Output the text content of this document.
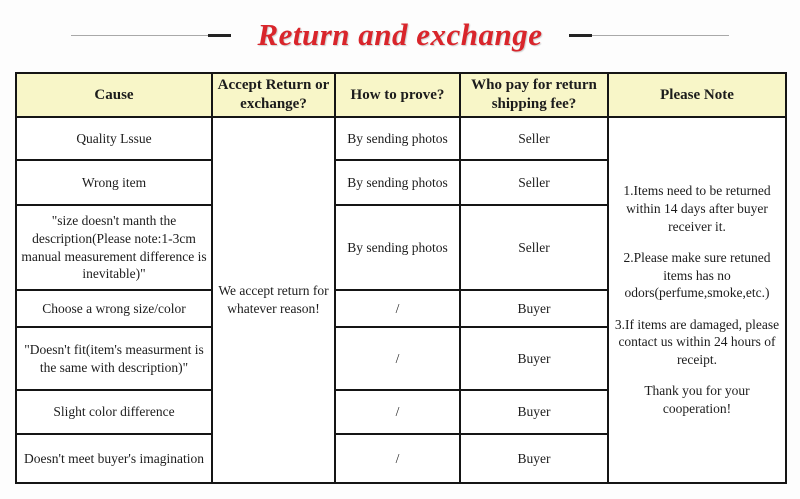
Return and exchange
Cause	Accept Return or exchange?	How to prove?	Who pay for return shipping fee?	Please Note
Quality Lssue	We accept return for whatever reason!	By sending photos	Seller	1.Items need to be returned within 14 days after buyer receiver it.

2.Please make sure retuned items has no odors(perfume,smoke,etc.)

3.If items are damaged, please contact us within 24 hours of receipt.

Thank you for your cooperation!

Wrong item		By sending photos	Seller	
"size doesn't manth the description(Please note:1-3cm manual measurement difference is inevitable)"		By sending photos	Seller	
Choose a wrong size/color		/	Buyer	
"Doesn't fit(item's measurment is the same with description)"		/	Buyer	
Slight color difference		/	Buyer	
Doesn't meet buyer's imagination		/	Buyer	
